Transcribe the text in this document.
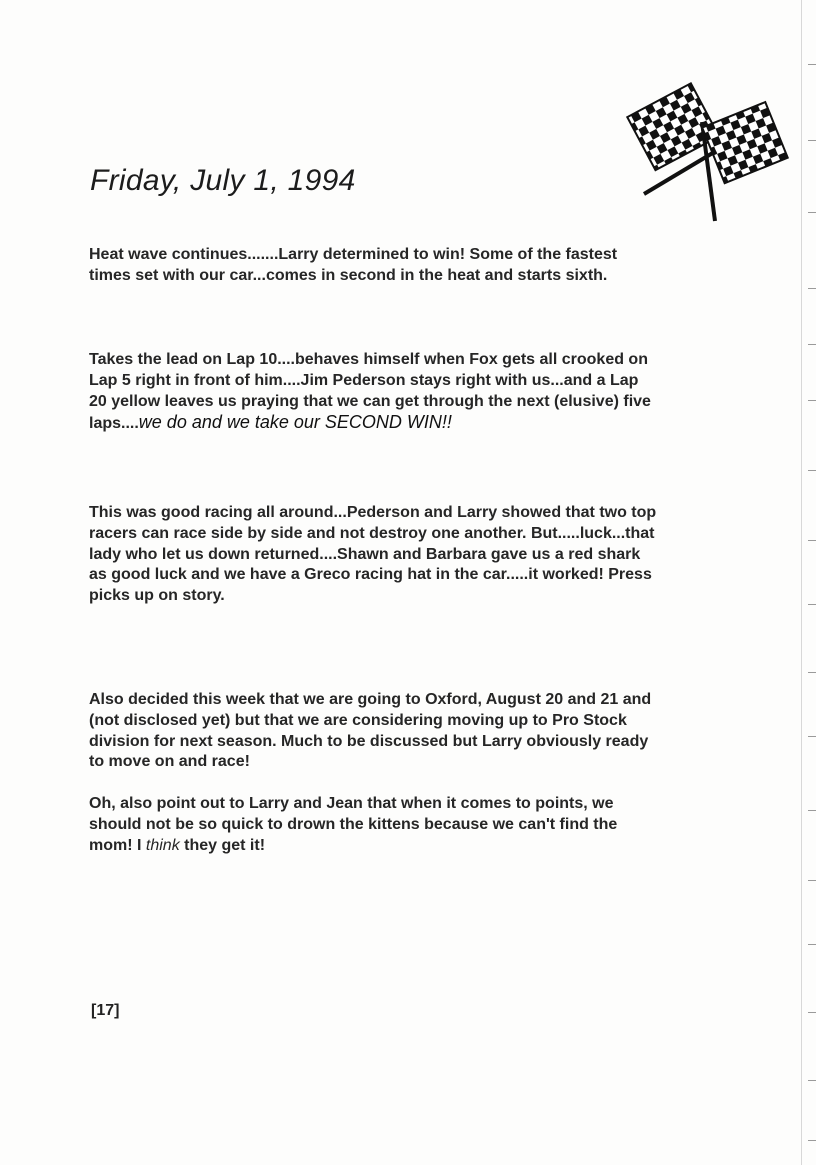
Friday, July 1, 1994

Heat wave continues.......Larry determined to win! Some of the fastest times set with our car...comes in second in the heat and starts sixth.

Takes the lead on Lap 10....behaves himself when Fox gets all crooked on Lap 5 right in front of him....Jim Pederson stays right with us...and a Lap 20 yellow leaves us praying that we can get through the next (elusive) five laps....we do and we take our SECOND WIN!!

This was good racing all around...Pederson and Larry showed that two top racers can race side by side and not destroy one another. But.....luck...that lady who let us down returned....Shawn and Barbara gave us a red shark as good luck and we have a Greco racing hat in the car.....it worked! Press picks up on story.

Also decided this week that we are going to Oxford, August 20 and 21 and (not disclosed yet) but that we are considering moving up to Pro Stock division for next season. Much to be discussed but Larry obviously ready to move on and race!

Oh, also point out to Larry and Jean that when it comes to points, we should not be so quick to drown the kittens because we can't find the mom! I think they get it!

[17]
